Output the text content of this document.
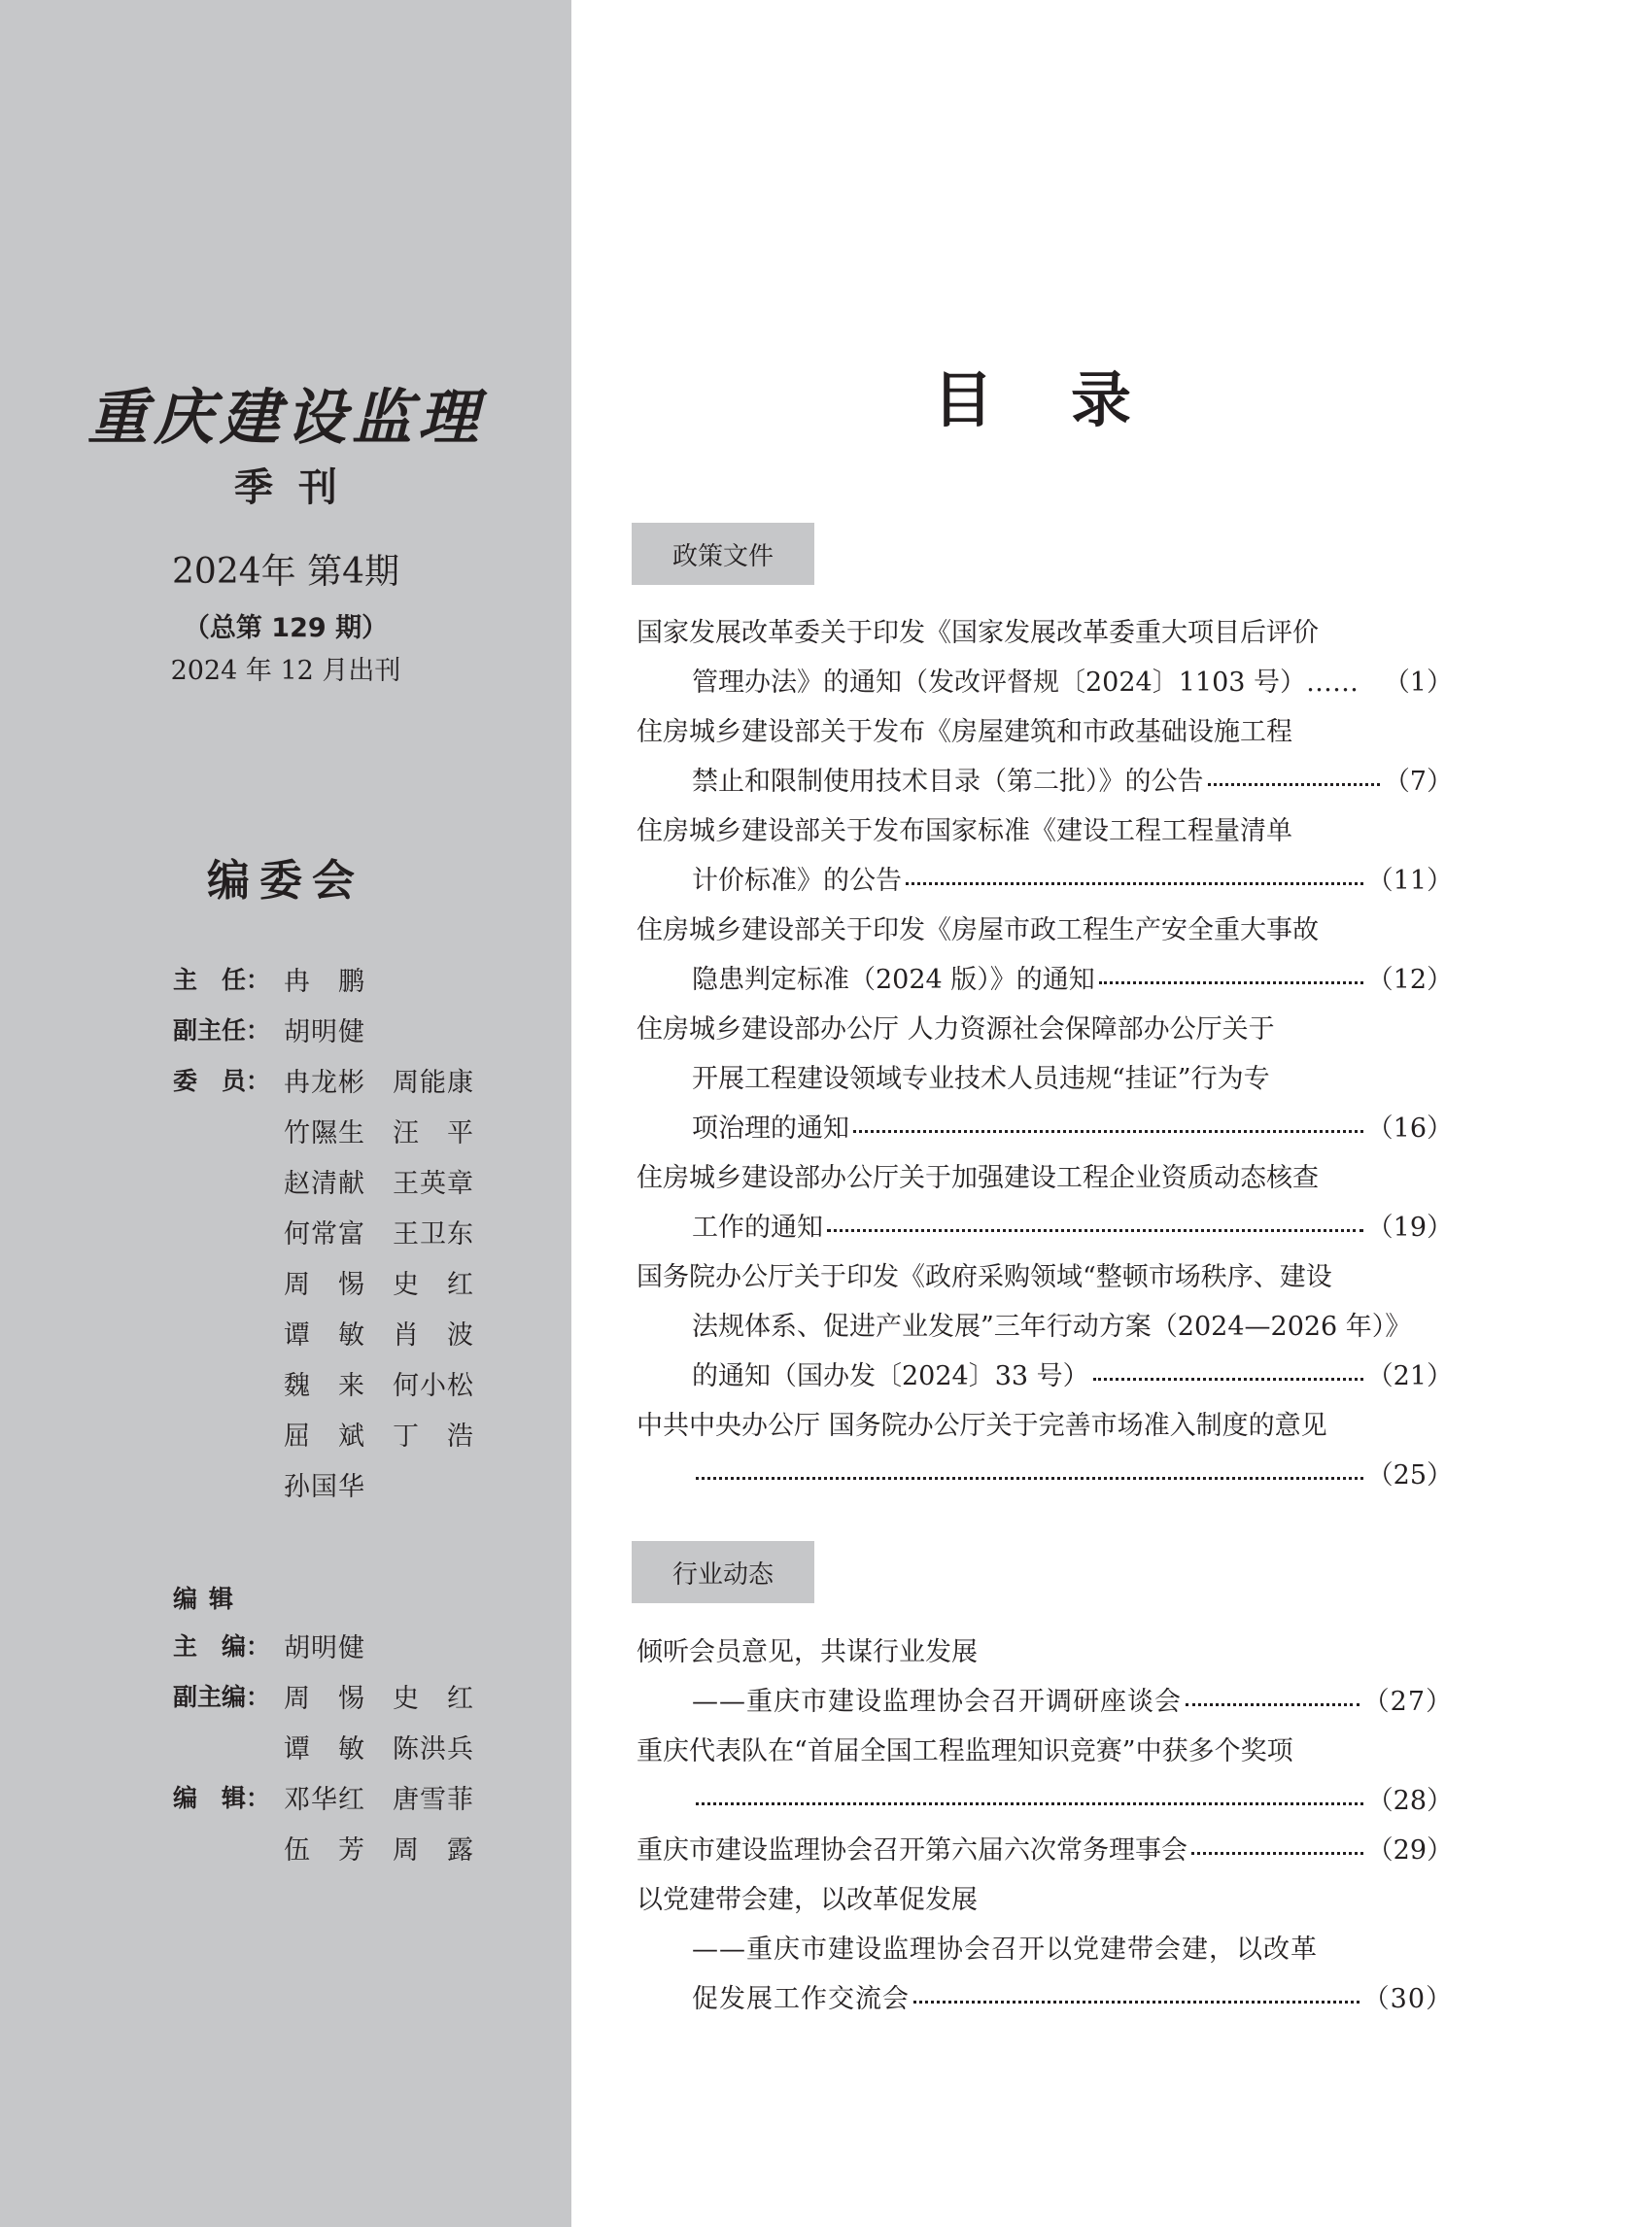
重庆建设监理
季刊
2024年 第4期
（总第 129 期）
2024 年 12 月出刊
编委会
主　任： 冉　鹏
副主任： 胡明健
委　员： 冉龙彬	周能康
竹隰生	汪　平
赵清献	王英章
何常富	王卫东
周　惕	史　红
谭　敏	肖　波
魏　来	何小松
屈　斌	丁　浩
孙国华
编辑
主　编： 胡明健
副主编： 周　惕	史　红
谭　敏	陈洪兵
编　辑： 邓华红	唐雪菲
伍　芳	周　露
目录
政策文件
国家发展改革委关于印发《国家发展改革委重大项目后评价
管理办法》的通知（发改评督规〔2024〕1103 号）…… （1）
住房城乡建设部关于发布《房屋建筑和市政基础设施工程
禁止和限制使用技术目录（第二批）》的公告	（7）
住房城乡建设部关于发布国家标准《建设工程工程量清单
计价标准》的公告	（11）
住房城乡建设部关于印发《房屋市政工程生产安全重大事故
隐患判定标准（2024 版）》的通知	（12）
住房城乡建设部办公厅 人力资源社会保障部办公厅关于
开展工程建设领域专业技术人员违规“挂证”行为专
项治理的通知	（16）
住房城乡建设部办公厅关于加强建设工程企业资质动态核查
工作的通知	（19）
国务院办公厅关于印发《政府采购领域“整顿市场秩序、建设
法规体系、促进产业发展”三年行动方案（2024—2026 年）》
的通知（国办发〔2024〕33 号）	（21）
中共中央办公厅 国务院办公厅关于完善市场准入制度的意见
（25）
行业动态
倾听会员意见，共谋行业发展
——重庆市建设监理协会召开调研座谈会	（27）
重庆代表队在“首届全国工程监理知识竞赛”中获多个奖项
（28）
重庆市建设监理协会召开第六届六次常务理事会	（29）
以党建带会建，以改革促发展
——重庆市建设监理协会召开以党建带会建，以改革
促发展工作交流会	（30）
